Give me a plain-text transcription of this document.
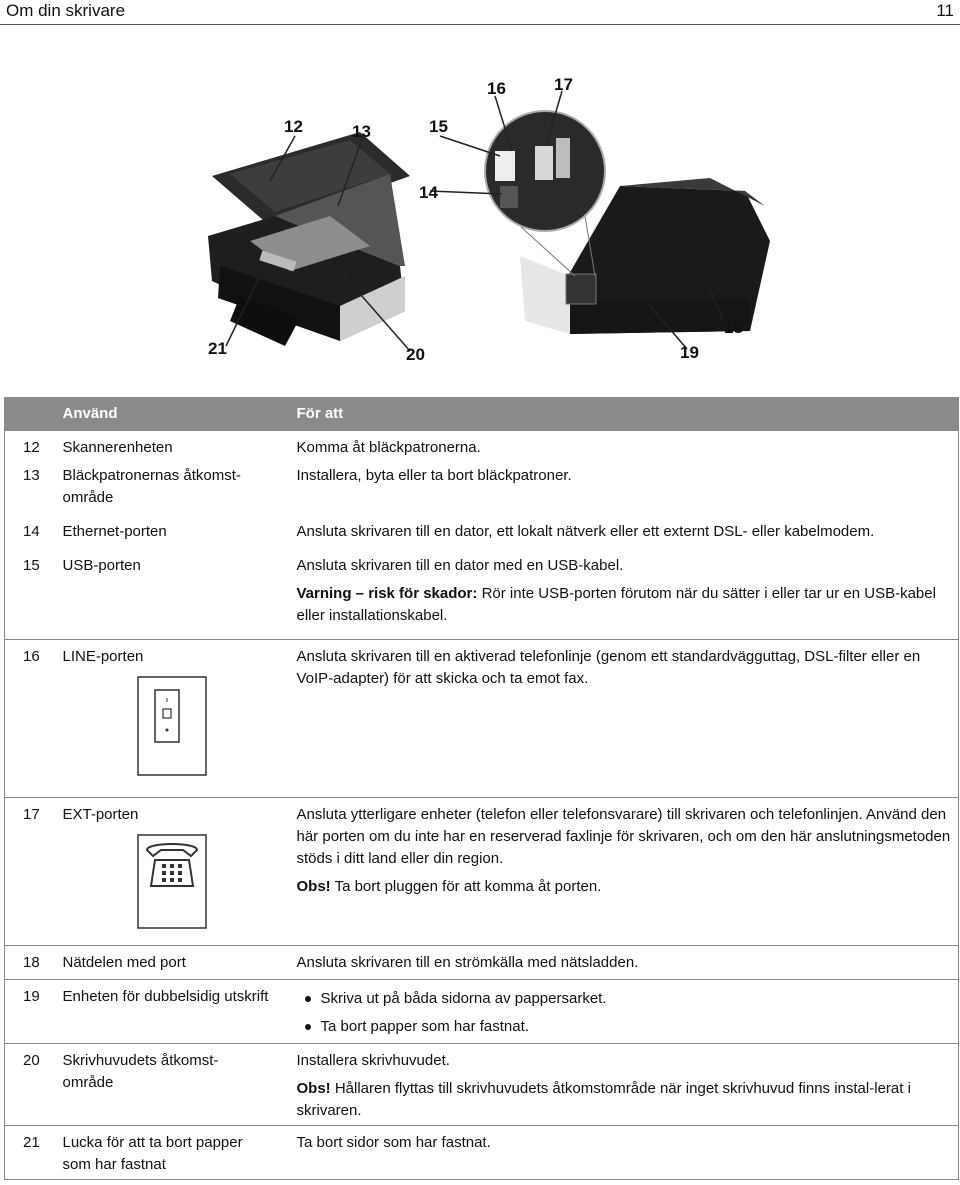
Om din skrivare	11
12	13
14
15
16	17
18
19
20
21
	Använd	För att
12	Skannerenheten	Komma åt bläckpatronerna.
13	Bläckpatronernas åtkomst-område	Installera, byta eller ta bort bläckpatroner.
14	Ethernet-porten	Ansluta skrivaren till en dator, ett lokalt nätverk eller ett externt DSL- eller kabelmodem.
15	USB-porten	Ansluta skrivaren till en dator med en USB-kabel.
Varning – risk för skador: Rör inte USB-porten förutom när du sätter i eller tar ur en USB-kabel eller installationskabel.

16	LINE-porten	Ansluta skrivaren till en aktiverad telefonlinje (genom ett standardvägguttag, DSL-filter eller en VoIP-adapter) för att skicka och ta emot fax.
17	EXT-porten	Ansluta ytterligare enheter (telefon eller telefonsvarare) till skrivaren och telefonlinjen. Använd den här porten om du inte har en reserverad faxlinje för skrivaren, och om den här anslutningsmetoden stöds i ditt land eller din region.
Obs! Ta bort pluggen för att komma åt porten.

18	Nätdelen med port	Ansluta skrivaren till en strömkälla med nätsladden.
19	Enheten för dubbelsidig utskrift	Skriva ut på båda sidorna av pappersarket.
Ta bort papper som har fastnat.

20	Skrivhuvudets åtkomst-område	Installera skrivhuvudet.
Obs! Hållaren flyttas till skrivhuvudets åtkomstområde när inget skrivhuvud finns instal-lerat i skrivaren.

21	Lucka för att ta bort papper som har fastnat	Ta bort sidor som har fastnat.
